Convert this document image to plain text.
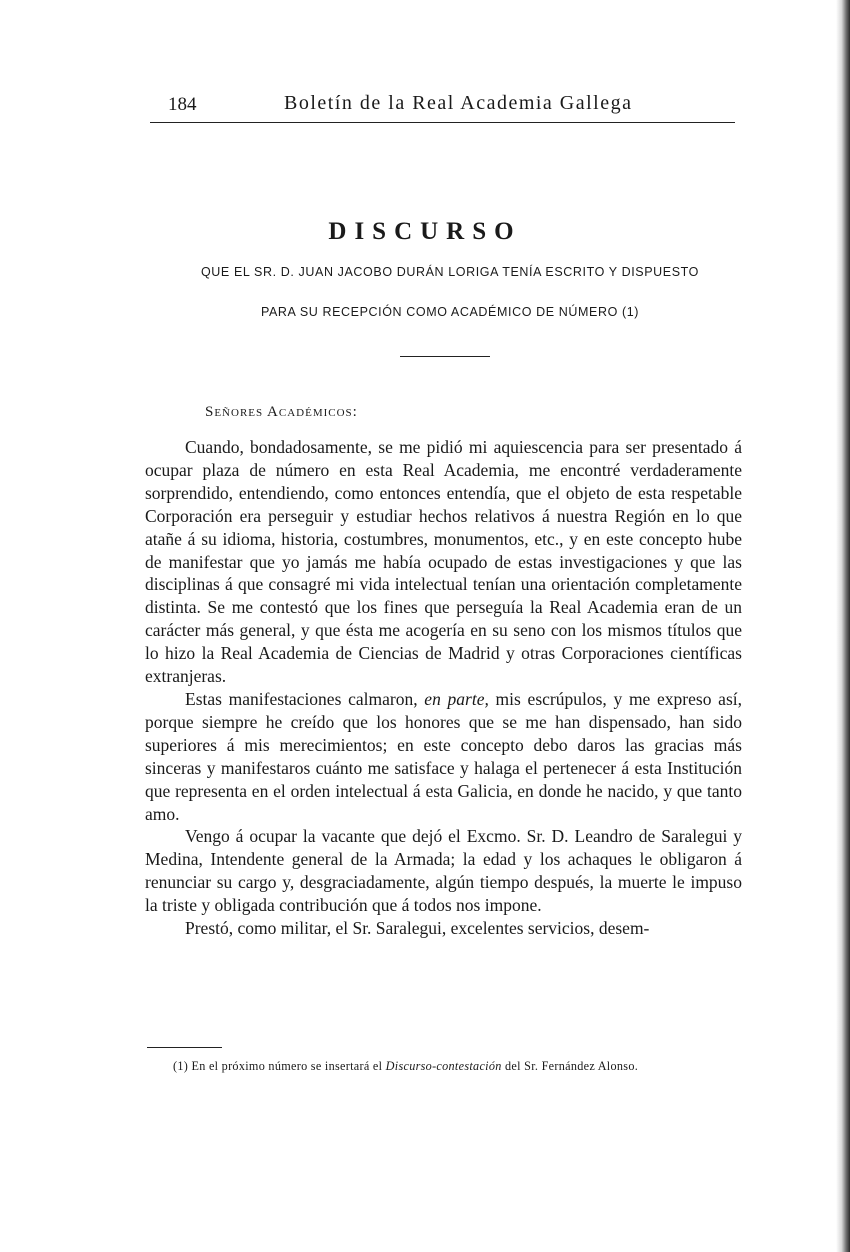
184	Boletín de la Real Academia Gallega
DISCURSO
QUE EL SR. D. JUAN JACOBO DURÁN LORIGA TENÍA ESCRITO Y DISPUESTO
PARA SU RECEPCIÓN COMO ACADÉMICO DE NÚMERO (1)
Señores Académicos:

Cuando, bondadosamente, se me pidió mi aquiescencia para ser presentado á ocupar plaza de número en esta Real Academia, me encontré verdaderamente sorprendido, entendiendo, como entonces entendía, que el objeto de esta respetable Corporación era perseguir y estudiar hechos relativos á nuestra Región en lo que atañe á su idioma, historia, costumbres, monumentos, etc., y en este concepto hube de manifestar que yo jamás me había ocupado de estas investigaciones y que las disciplinas á que consagré mi vida intelectual tenían una orientación completamente distinta. Se me contestó que los fines que perseguía la Real Academia eran de un carácter más general, y que ésta me acogería en su seno con los mismos títulos que lo hizo la Real Academia de Ciencias de Madrid y otras Corporaciones científicas extranjeras.

Estas manifestaciones calmaron, en parte, mis escrúpulos, y me expreso así, porque siempre he creído que los honores que se me han dispensado, han sido superiores á mis merecimientos; en este concepto debo daros las gracias más sinceras y manifestaros cuánto me satisface y halaga el pertenecer á esta Institución que representa en el orden intelectual á esta Galicia, en donde he nacido, y que tanto amo.

Vengo á ocupar la vacante que dejó el Excmo. Sr. D. Leandro de Saralegui y Medina, Intendente general de la Armada; la edad y los achaques le obligaron á renunciar su cargo y, desgraciadamente, algún tiempo después, la muerte le impuso la triste y obligada contribución que á todos nos impone.

Prestó, como militar, el Sr. Saralegui, excelentes servicios, desem-

(1) En el próximo número se insertará el Discurso-contestación del Sr. Fernández Alonso.
